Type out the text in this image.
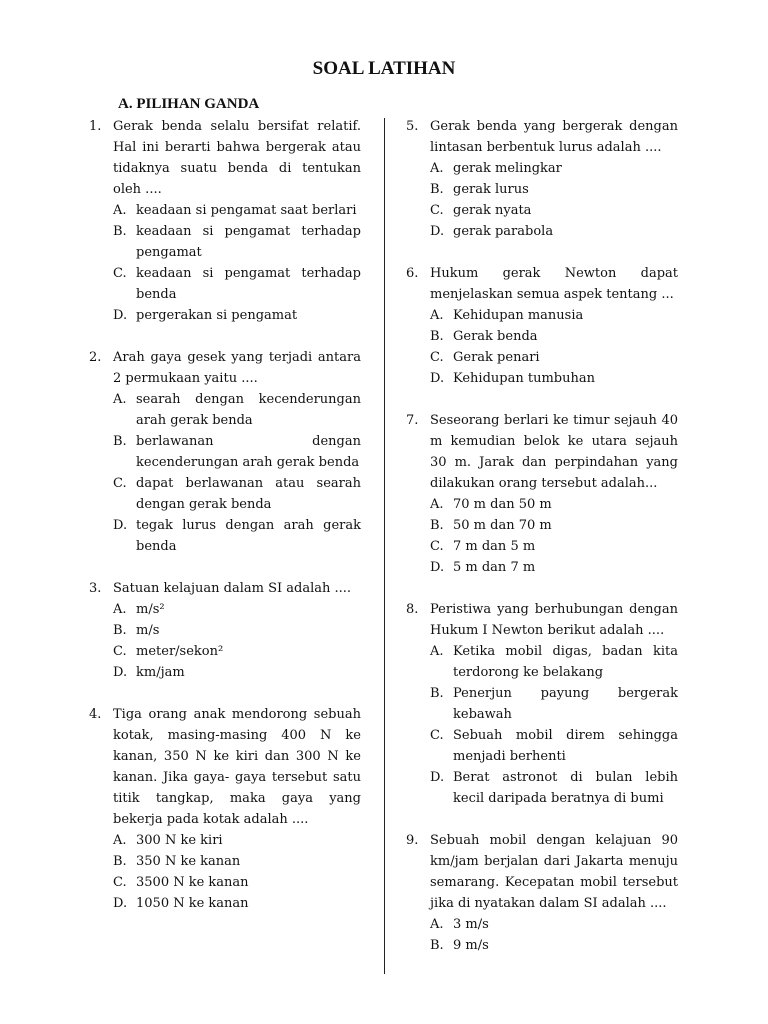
SOAL LATIHAN
A. PILIHAN GANDA
1. Gerak benda selalu bersifat relatif. Hal ini berarti bahwa bergerak atau tidaknya suatu benda di tentukan oleh ....
A. keadaan si pengamat saat berlari
B. keadaan si pengamat terhadap pengamat
C. keadaan si pengamat terhadap benda
D. pergerakan si pengamat
2. Arah gaya gesek yang terjadi antara 2 permukaan yaitu ....
A. searah dengan kecenderungan arah gerak benda
B. berlawanan dengan kecenderungan arah gerak benda
C. dapat berlawanan atau searah dengan gerak benda
D. tegak lurus dengan arah gerak benda
3. Satuan kelajuan dalam SI adalah ....
A. m/s²
B. m/s
C. meter/sekon²
D. km/jam
4. Tiga orang anak mendorong sebuah kotak, masing-masing 400 N ke kanan, 350 N ke kiri dan 300 N ke kanan. Jika gaya- gaya tersebut satu titik tangkap, maka gaya yang bekerja pada kotak adalah ....
A. 300 N ke kiri
B. 350 N ke kanan
C. 3500 N ke kanan
D. 1050 N ke kanan
5. Gerak benda yang bergerak dengan lintasan berbentuk lurus adalah ....
A. gerak melingkar
B. gerak lurus
C. gerak nyata
D. gerak parabola
6. Hukum gerak Newton dapat menjelaskan semua aspek tentang ...
A. Kehidupan manusia
B. Gerak benda
C. Gerak penari
D. Kehidupan tumbuhan
7. Seseorang berlari ke timur sejauh 40 m kemudian belok ke utara sejauh 30 m. Jarak dan perpindahan yang dilakukan orang tersebut adalah...
A. 70 m dan 50 m
B. 50 m dan 70 m
C. 7 m dan 5 m
D. 5 m dan 7 m
8. Peristiwa yang berhubungan dengan Hukum I Newton berikut adalah ....
A. Ketika mobil digas, badan kita terdorong ke belakang
B. Penerjun payung bergerak kebawah
C. Sebuah mobil direm sehingga menjadi berhenti
D. Berat astronot di bulan lebih kecil daripada beratnya di bumi
9. Sebuah mobil dengan kelajuan 90 km/jam berjalan dari Jakarta menuju semarang. Kecepatan mobil tersebut jika di nyatakan dalam SI adalah ....
A. 3 m/s
B. 9 m/s
